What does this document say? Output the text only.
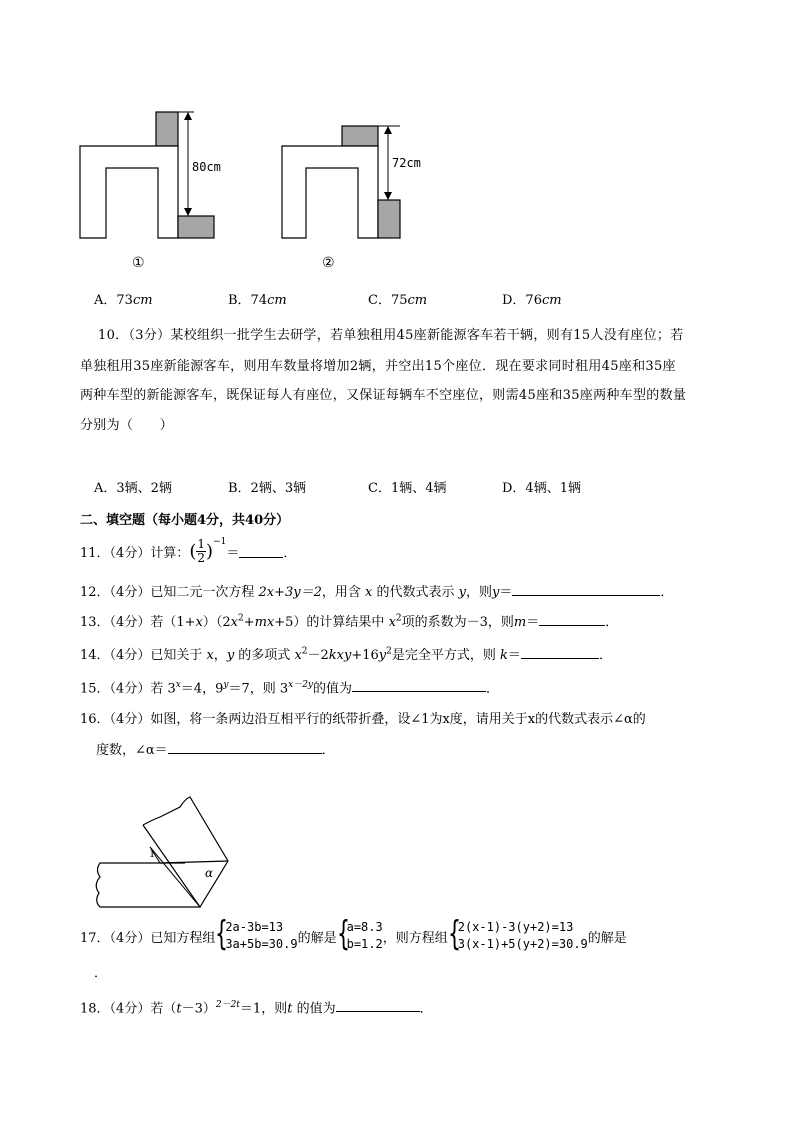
80cm	72cm
①	②
A．73cm	B．74cm	C．75cm	D．76cm
10．（3分）某校组织一批学生去研学，若单独租用45座新能源客车若干辆，则有15人没有座位；若
单独租用35座新能源客车，则用车数量将增加2辆，并空出15个座位．现在要求同时租用45座和35座
两种车型的新能源客车，既保证每人有座位，又保证每辆车不空座位，则需45座和35座两种车型的数量
分别为（　　）
A．3辆、2辆	B．2辆、3辆	C．1辆、4辆	D．4辆、1辆
二、填空题（每小题4分，共40分）
11．（4分）计算： ( $\frac{1}{2} )^{-1}$
＝	．
12．（4分）已知二元一次方程 2x+3y＝2，用含 x 的代数式表示 y，则y＝	．
13．（4分）若$(1+x)(2x^2+mx+5)$的计算结果中 $x^2$项的系数为－3，则m＝	．
14．（4分）已知关于 x，y 的多项式 $x^2-2kxy+16y^2$是完全平方式，则 k＝	．
15．（4分）若 $3^x=4$，$9^y=7$，则 $3^{x-2y}$的值为	．
16．（4分）如图，将一条两边沿互相平行的纸带折叠，设∠1为x度，请用关于x的代数式表示∠α的
度数，∠α＝	．
1
α
17．（4分）已知方程组 {
2a-3b=13
3a+5b=30.9 的解是 {
a=8.3
b=1.2 ，则方程组 {
2(x-1)-3(y+2)=13
3(x-1)+5(y+2)=30.9 的解是
．
18．（4分）若$(t-3)^{2-2t}=1$，则t 的值为	．
